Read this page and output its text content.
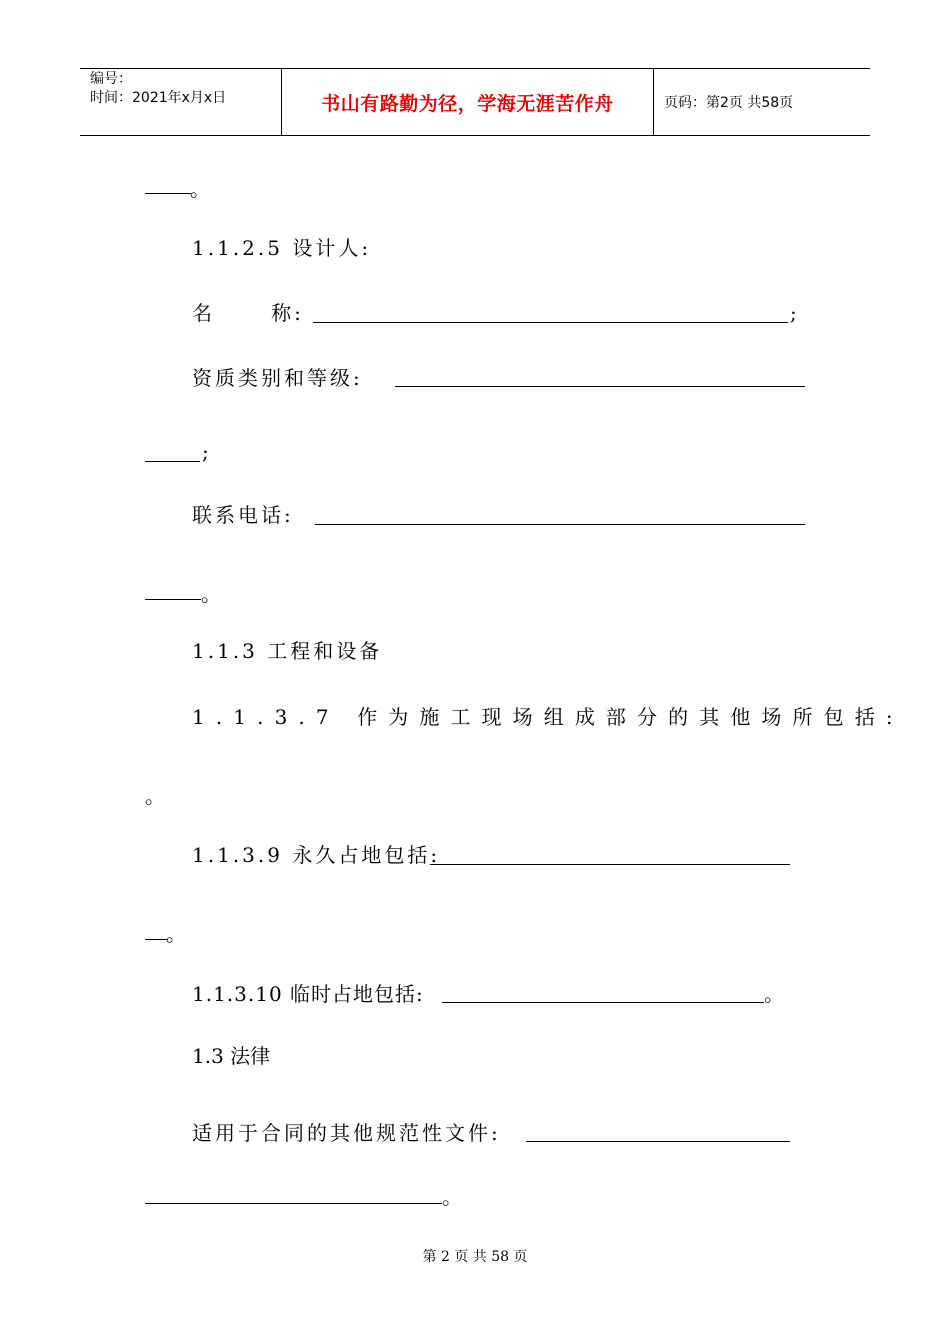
编号：
时间：2021年x月x日	书山有路勤为径，学海无涯苦作舟	页码：第2页 共58页
。
1.1.2.5 设计人:
名      称:	;
资质类别和等级:
;
联系电话:
。
1.1.3 工程和设备
1.1.3.7 作为施工现场组成部分的其他场所包括:
。
1.1.3.9 永久占地包括:
。
1.1.3.10 临时占地包括:	。
1.3 法律
适用于合同的其他规范性文件:
。
第 2 页 共 58 页
